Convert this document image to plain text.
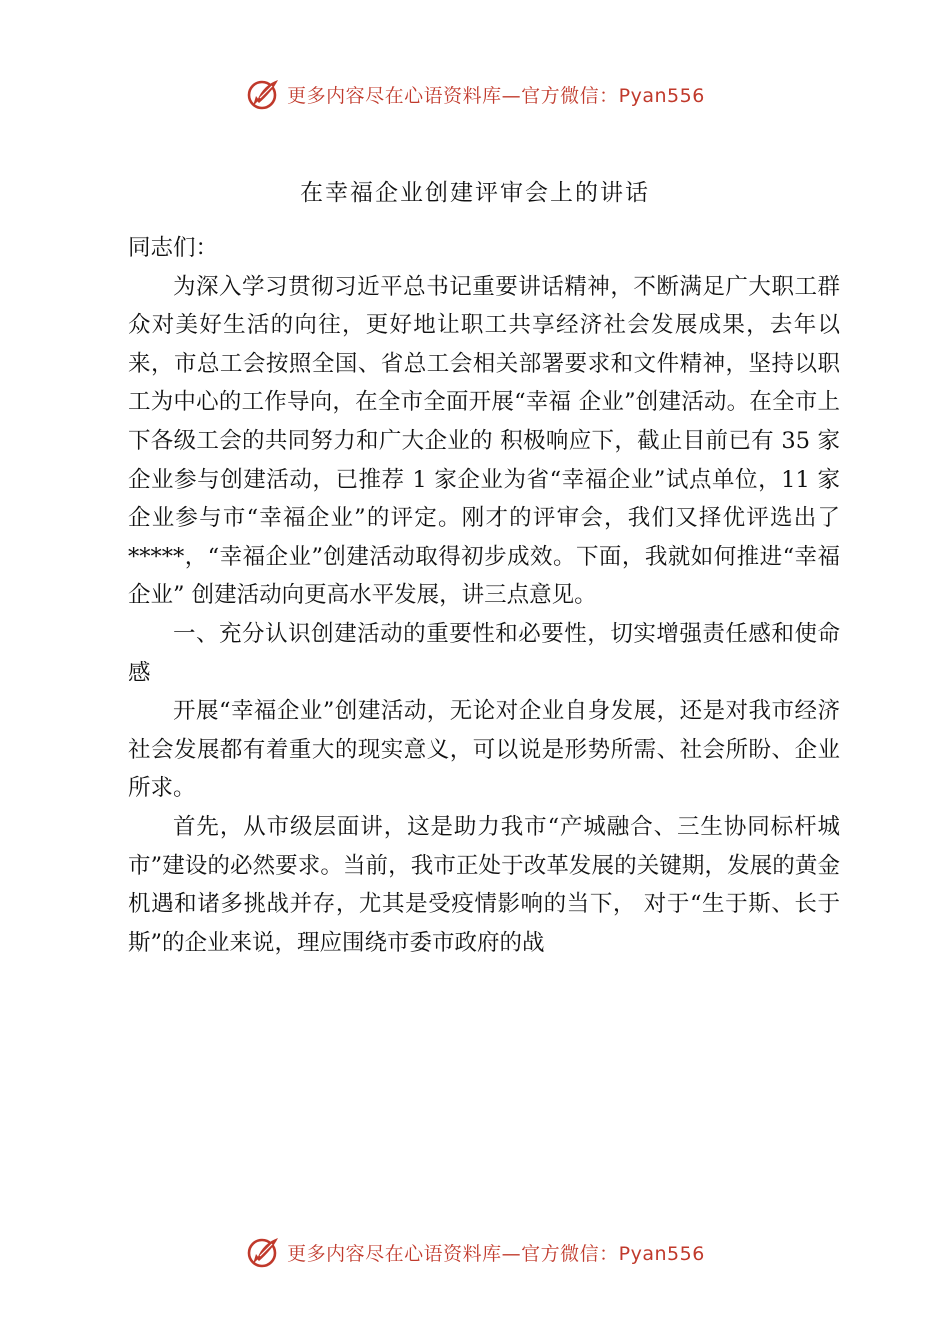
更多内容尽在心语资料库—官方微信：Pyan556
在幸福企业创建评审会上的讲话

同志们：

为深入学习贯彻习近平总书记重要讲话精神，不断满足广大职工群众对美好生活的向往，更好地让职工共享经济社会发展成果，去年以来，市总工会按照全国、省总工会相关部署要求和文件精神，坚持以职工为中心的工作导向，在全市全面开展“幸福 企业”创建活动。在全市上下各级工会的共同努力和广大企业的 积极响应下，截止目前已有 35 家企业参与创建活动，已推荐 1 家企业为省“幸福企业”试点单位，11 家企业参与市“幸福企业”的评定。刚才的评审会，我们又择优评选出了*****，“幸福企业”创建活动取得初步成效。下面，我就如何推进“幸福企业” 创建活动向更高水平发展，讲三点意见。

一、充分认识创建活动的重要性和必要性，切实增强责任感和使命感

开展“幸福企业”创建活动，无论对企业自身发展，还是对我市经济社会发展都有着重大的现实意义，可以说是形势所需、社会所盼、企业所求。

首先，从市级层面讲，这是助力我市“产城融合、三生协同标杆城市”建设的必然要求。当前，我市正处于改革发展的关键期，发展的黄金机遇和诸多挑战并存，尤其是受疫情影响的当下， 对于“生于斯、长于斯”的企业来说，理应围绕市委市政府的战

更多内容尽在心语资料库—官方微信：Pyan556
